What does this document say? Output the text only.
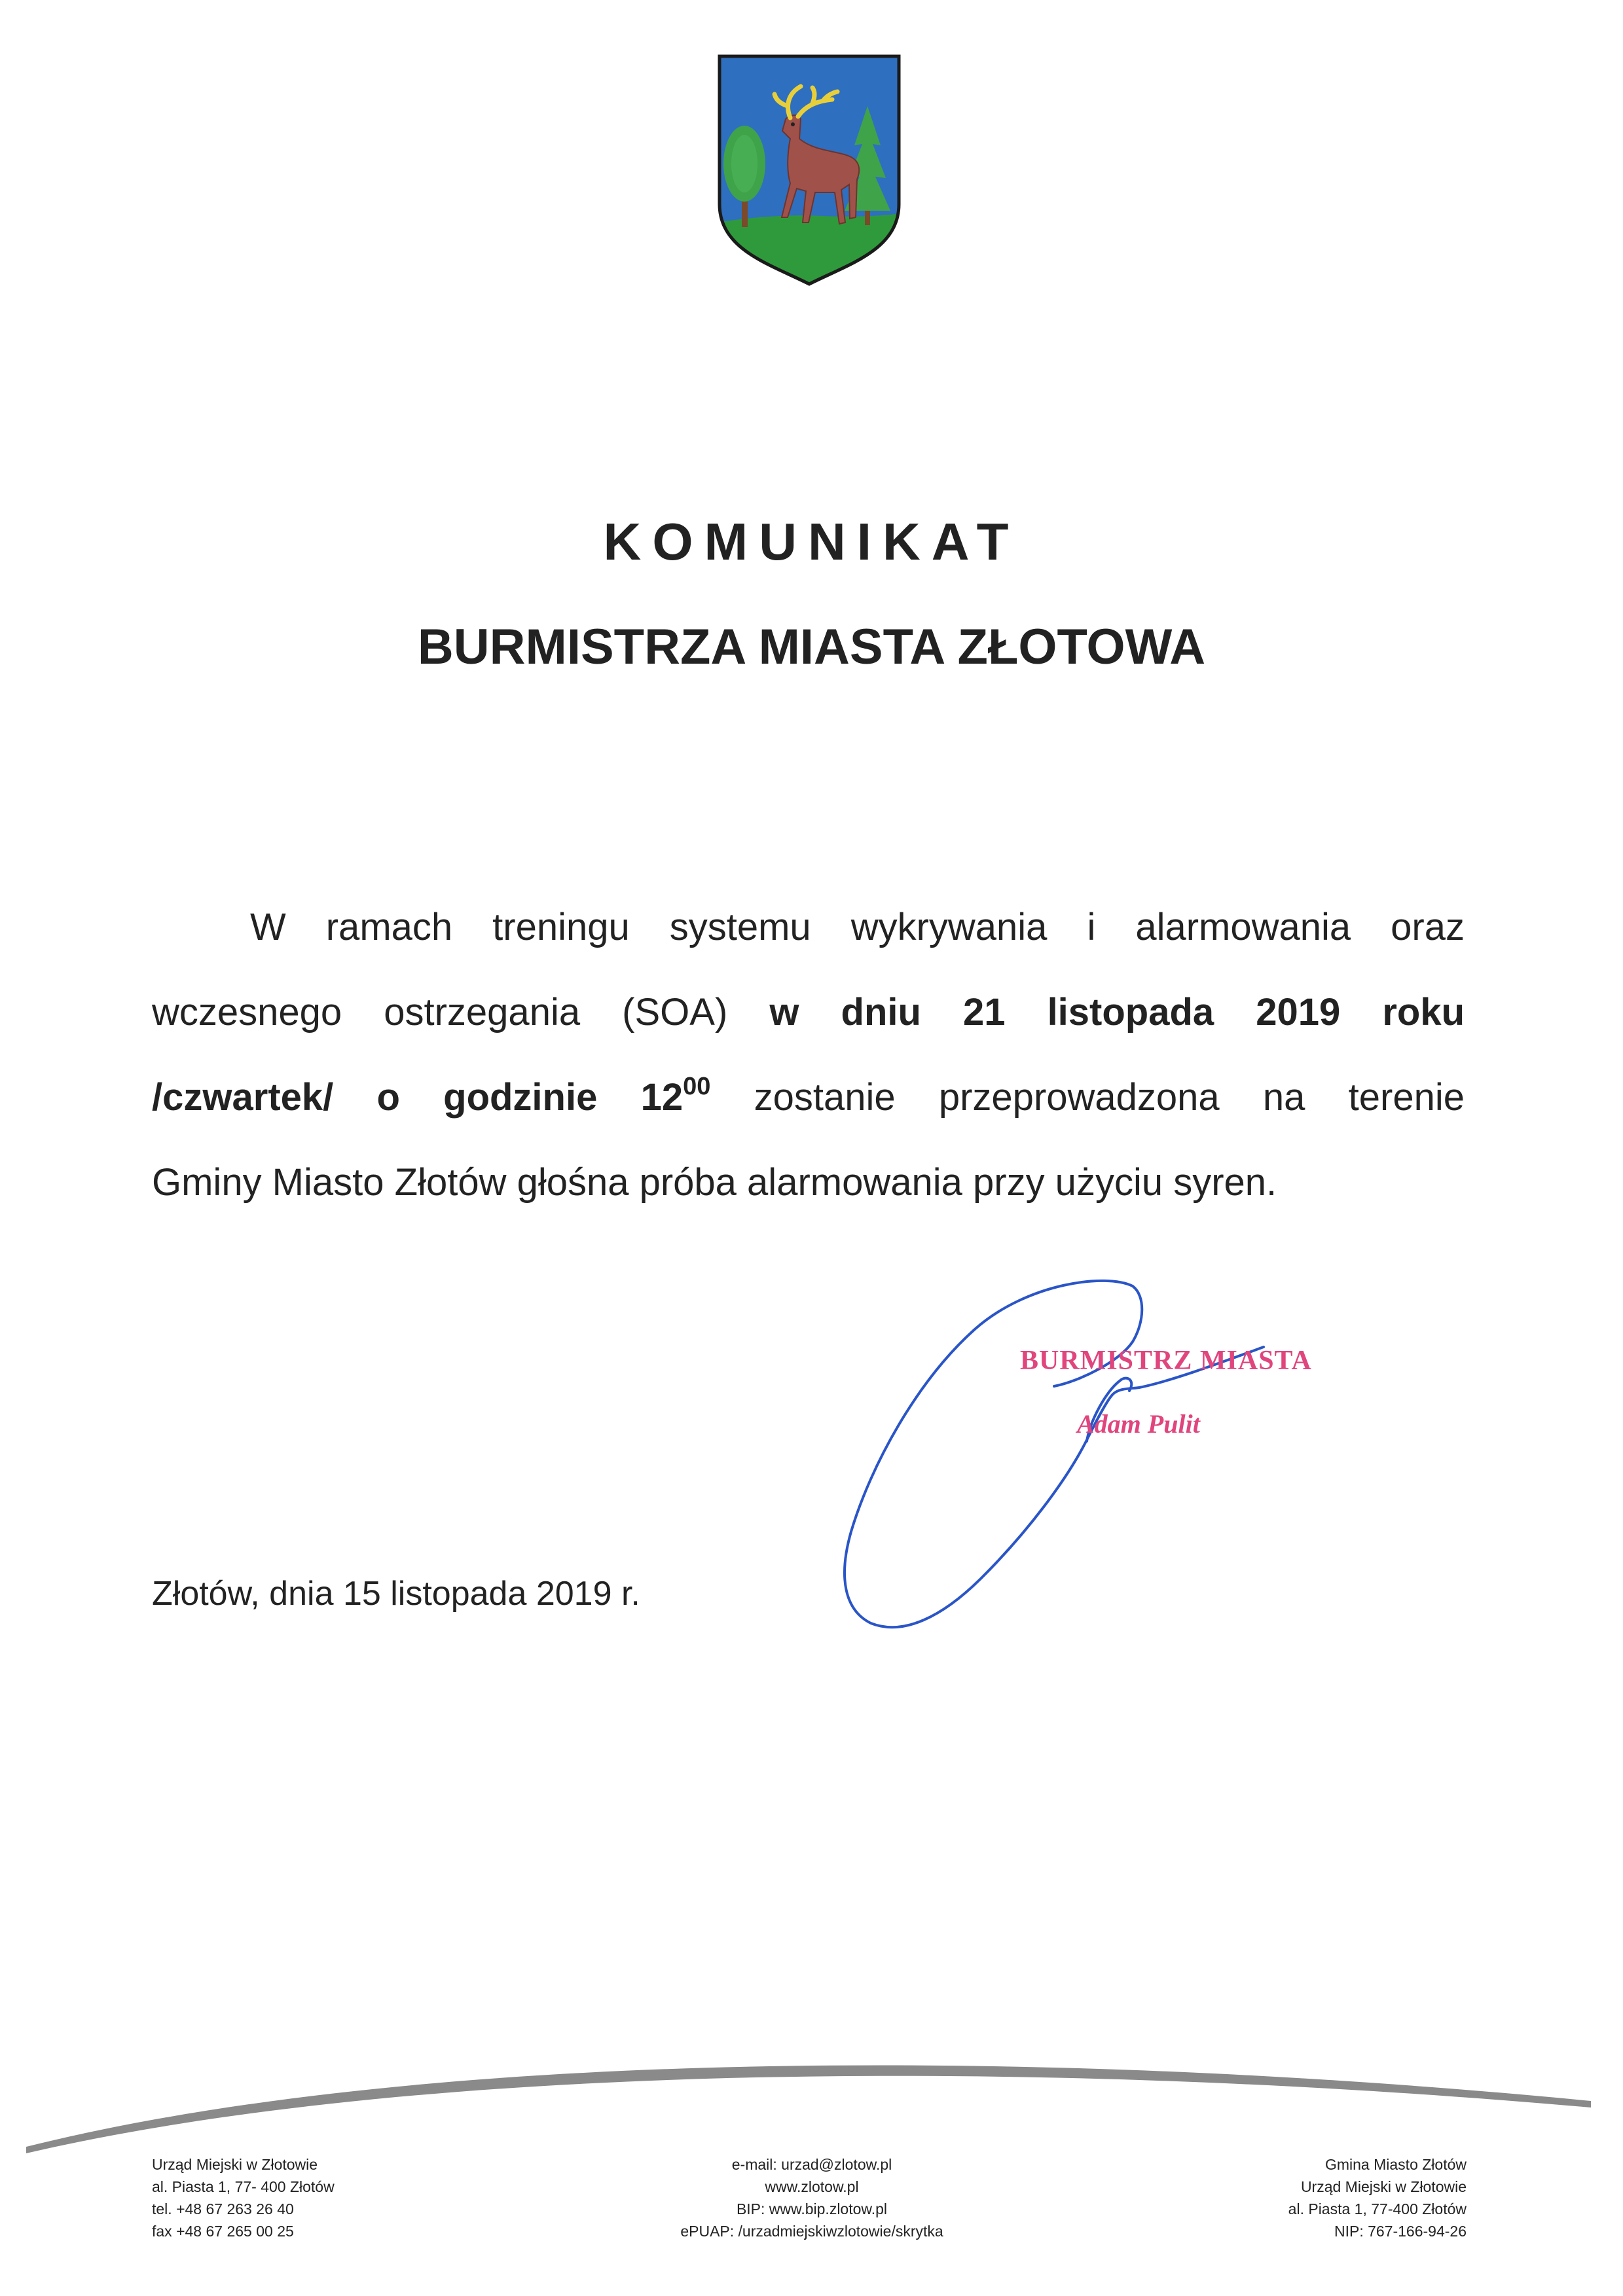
KOMUNIKAT
BURMISTRZA MIASTA ZŁOTOWA
W ramach treningu systemu wykrywania i alarmowania oraz
wczesnego ostrzegania (SOA) w dniu 21 listopada 2019 roku
/czwartek/ o godzinie $12^{00}$ zostanie przeprowadzona na terenie
Gminy Miasto Złotów głośna próba alarmowania przy użyciu syren.
BURMISTRZ MIASTA
Adam Pulit
Złotów, dnia 15 listopada 2019 r.
Urząd Miejski w Złotowie
al. Piasta 1, 77- 400 Złotów
tel. +48 67 263 26 40
fax +48 67 265 00 25
e-mail: urzad@zlotow.pl
www.zlotow.pl
BIP: www.bip.zlotow.pl
ePUAP: /urzadmiejskiwzlotowie/skrytka
Gmina Miasto Złotów
Urząd Miejski w Złotowie
al. Piasta 1, 77-400 Złotów
NIP: 767-166-94-26
